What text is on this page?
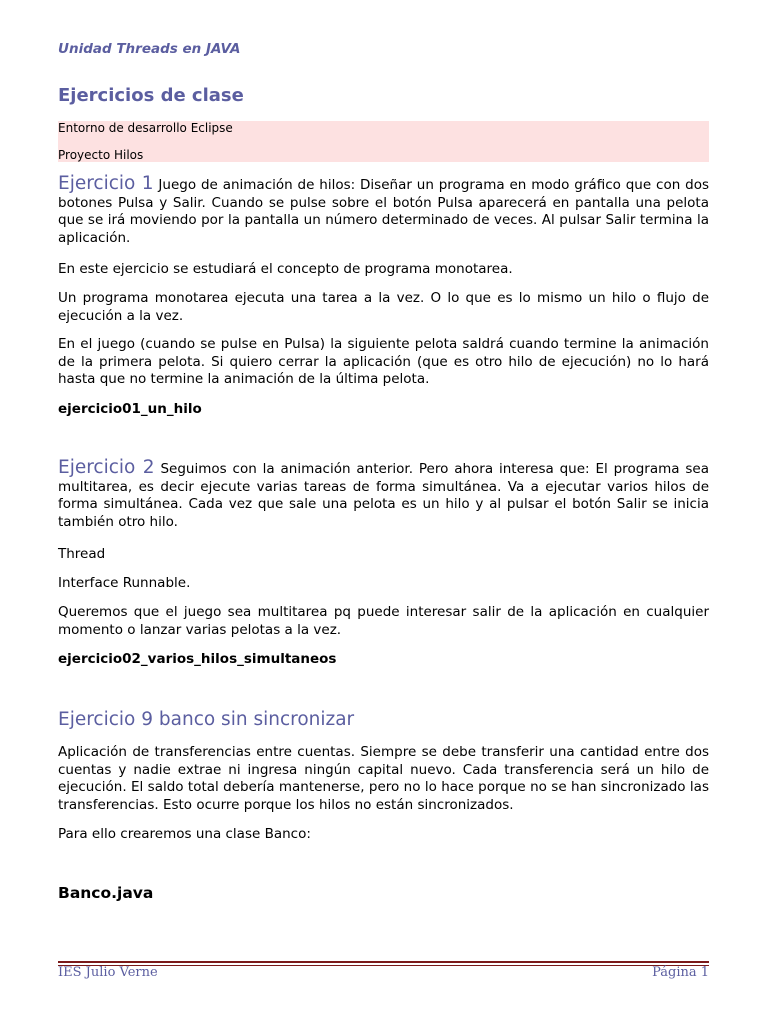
Unidad Threads en JAVA
Ejercicios de clase
Entorno de desarrollo Eclipse
Proyecto Hilos
Ejercicio 1 Juego de animación de hilos: Diseñar un programa en modo gráfico que con dos botones Pulsa y Salir. Cuando se pulse sobre el botón Pulsa aparecerá en pantalla una pelota que se irá moviendo por la pantalla un número determinado de veces. Al pulsar Salir termina la aplicación.
En este ejercicio se estudiará el concepto de programa monotarea.
Un programa monotarea ejecuta una tarea a la vez. O lo que es lo mismo un hilo o flujo de ejecución a la vez.
En el juego (cuando se pulse en Pulsa) la siguiente pelota saldrá cuando termine la animación de la primera pelota. Si quiero cerrar la aplicación (que es otro hilo de ejecución) no lo hará hasta que no termine la animación de la última pelota.
ejercicio01_un_hilo
Ejercicio 2 Seguimos con la animación anterior. Pero ahora interesa que: El programa sea multitarea, es decir ejecute varias tareas de forma simultánea. Va a ejecutar varios hilos de forma simultánea. Cada vez que sale una pelota es un hilo y al pulsar el botón Salir se inicia también otro hilo.
Thread
Interface Runnable.
Queremos que el juego sea multitarea pq puede interesar salir de la aplicación en cualquier momento o lanzar varias pelotas a la vez.
ejercicio02_varios_hilos_simultaneos
Ejercicio 9 banco sin sincronizar
Aplicación de transferencias entre cuentas. Siempre se debe transferir una cantidad entre dos cuentas y nadie extrae ni ingresa ningún capital nuevo. Cada transferencia será un hilo de ejecución. El saldo total debería mantenerse, pero no lo hace porque no se han sincronizado las transferencias. Esto ocurre porque los hilos no están sincronizados.
Para ello crearemos una clase Banco:
Banco.java
IES Julio Verne	Página 1
